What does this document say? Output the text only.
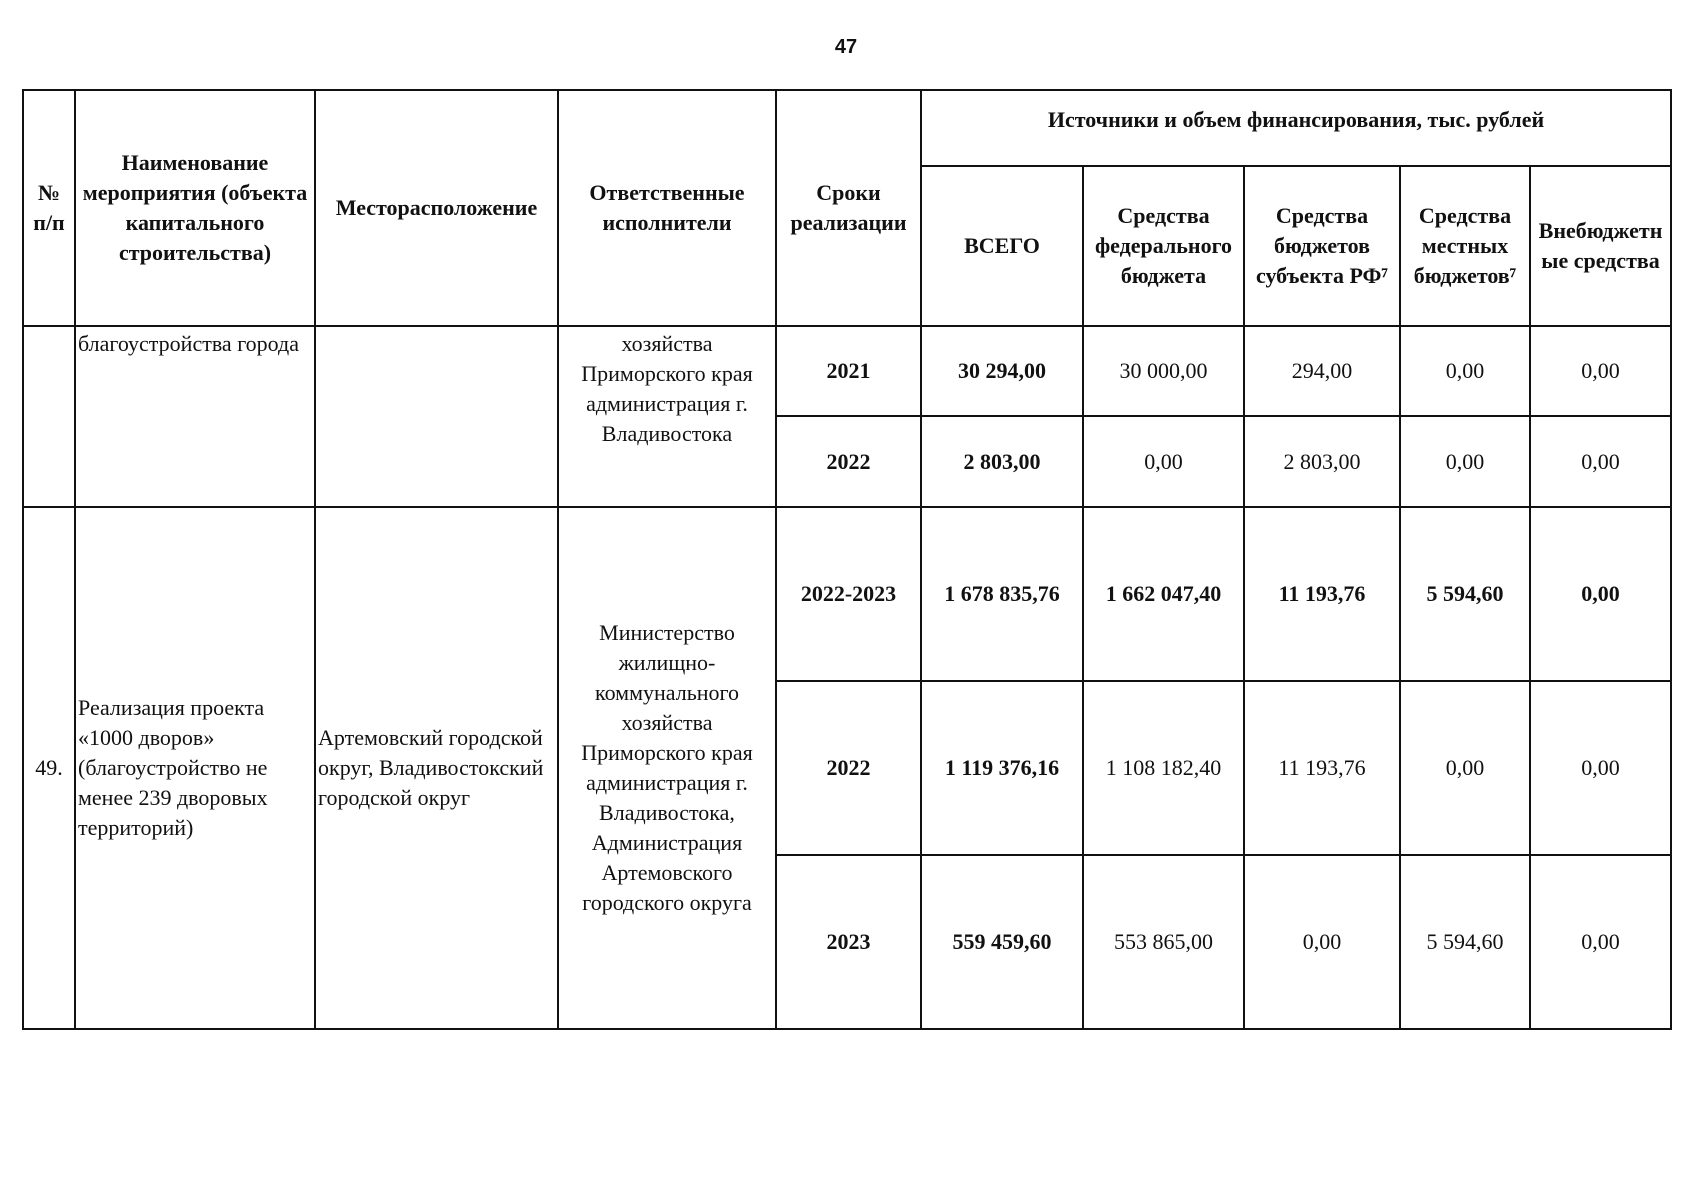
47
№ п/п	Наименование мероприятия (объекта капитального строительства)	Месторасположение	Ответственные исполнители	Сроки реализации	Источники и объем финансирования, тыс. рублей				
					ВСЕГО	Средства федерального бюджета	Средства бюджетов субъекта РФ⁷	Средства местных бюджетов⁷	Внебюджетные средства
	благоустройства города		хозяйства Приморского края администрация г. Владивостока	2021	30 294,00	30 000,00	294,00	0,00	0,00
				2022	2 803,00	0,00	2 803,00	0,00	0,00
49.	Реализация проекта «1000 дворов» (благоустройство не менее 239 дворовых территорий)	Артемовский городской округ, Владивостокский городской округ	Министерство жилищно-коммунального хозяйства Приморского края администрация г. Владивостока, Администрация Артемовского городского округа	2022-2023	1 678 835,76	1 662 047,40	11 193,76	5 594,60	0,00
				2022	1 119 376,16	1 108 182,40	11 193,76	0,00	0,00
				2023	559 459,60	553 865,00	0,00	5 594,60	0,00
